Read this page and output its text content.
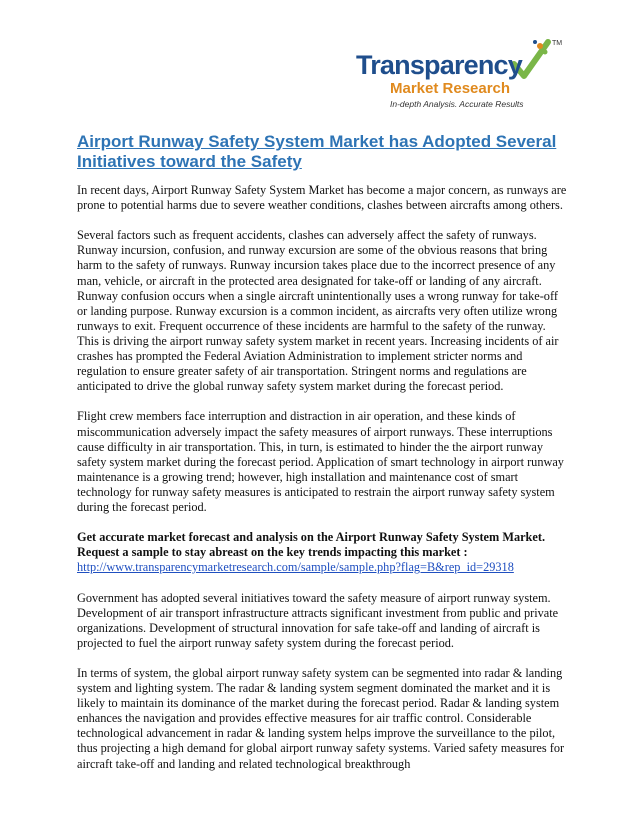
Transparency
TM
Market Research
In-depth Analysis. Accurate Results
Airport Runway Safety System Market has Adopted Several Initiatives toward the Safety

In recent days, Airport Runway Safety System Market has become a major concern, as runways are prone to potential harms due to severe weather conditions, clashes between aircrafts among others.

Several factors such as frequent accidents, clashes can adversely affect the safety of runways. Runway incursion, confusion, and runway excursion are some of the obvious reasons that bring harm to the safety of runways. Runway incursion takes place due to the incorrect presence of any man, vehicle, or aircraft in the protected area designated for take-off or landing of any aircraft. Runway confusion occurs when a single aircraft unintentionally uses a wrong runway for take-off or landing purpose. Runway excursion is a common incident, as aircrafts very often utilize wrong runways to exit. Frequent occurrence of these incidents are harmful to the safety of the runway. This is driving the airport runway safety system market in recent years. Increasing incidents of air crashes has prompted the Federal Aviation Administration to implement stricter norms and regulation to ensure greater safety of air transportation. Stringent norms and regulations are anticipated to drive the global runway safety system market during the forecast period.

Flight crew members face interruption and distraction in air operation, and these kinds of miscommunication adversely impact the safety measures of airport runways. These interruptions cause difficulty in air transportation. This, in turn, is estimated to hinder the the airport runway safety system market during the forecast period. Application of smart technology in airport runway maintenance is a growing trend; however, high installation and maintenance cost of smart technology for runway safety measures is anticipated to restrain the airport runway safety system during the forecast period.

Get accurate market forecast and analysis on the Airport Runway Safety System Market. Request a sample to stay abreast on the key trends impacting this market :

http://www.transparencymarketresearch.com/sample/sample.php?flag=B&rep_id=29318

Government has adopted several initiatives toward the safety measure of airport runway system. Development of air transport infrastructure attracts significant investment from public and private organizations. Development of structural innovation for safe take-off and landing of aircraft is projected to fuel the airport runway safety system during the forecast period.

In terms of system, the global airport runway safety system can be segmented into radar & landing system and lighting system. The radar & landing system segment dominated the market and it is likely to maintain its dominance of the market during the forecast period. Radar & landing system enhances the navigation and provides effective measures for air traffic control. Considerable technological advancement in radar & landing system helps improve the surveillance to the pilot, thus projecting a high demand for global airport runway safety systems. Varied safety measures for aircraft take-off and landing and related technological breakthrough
